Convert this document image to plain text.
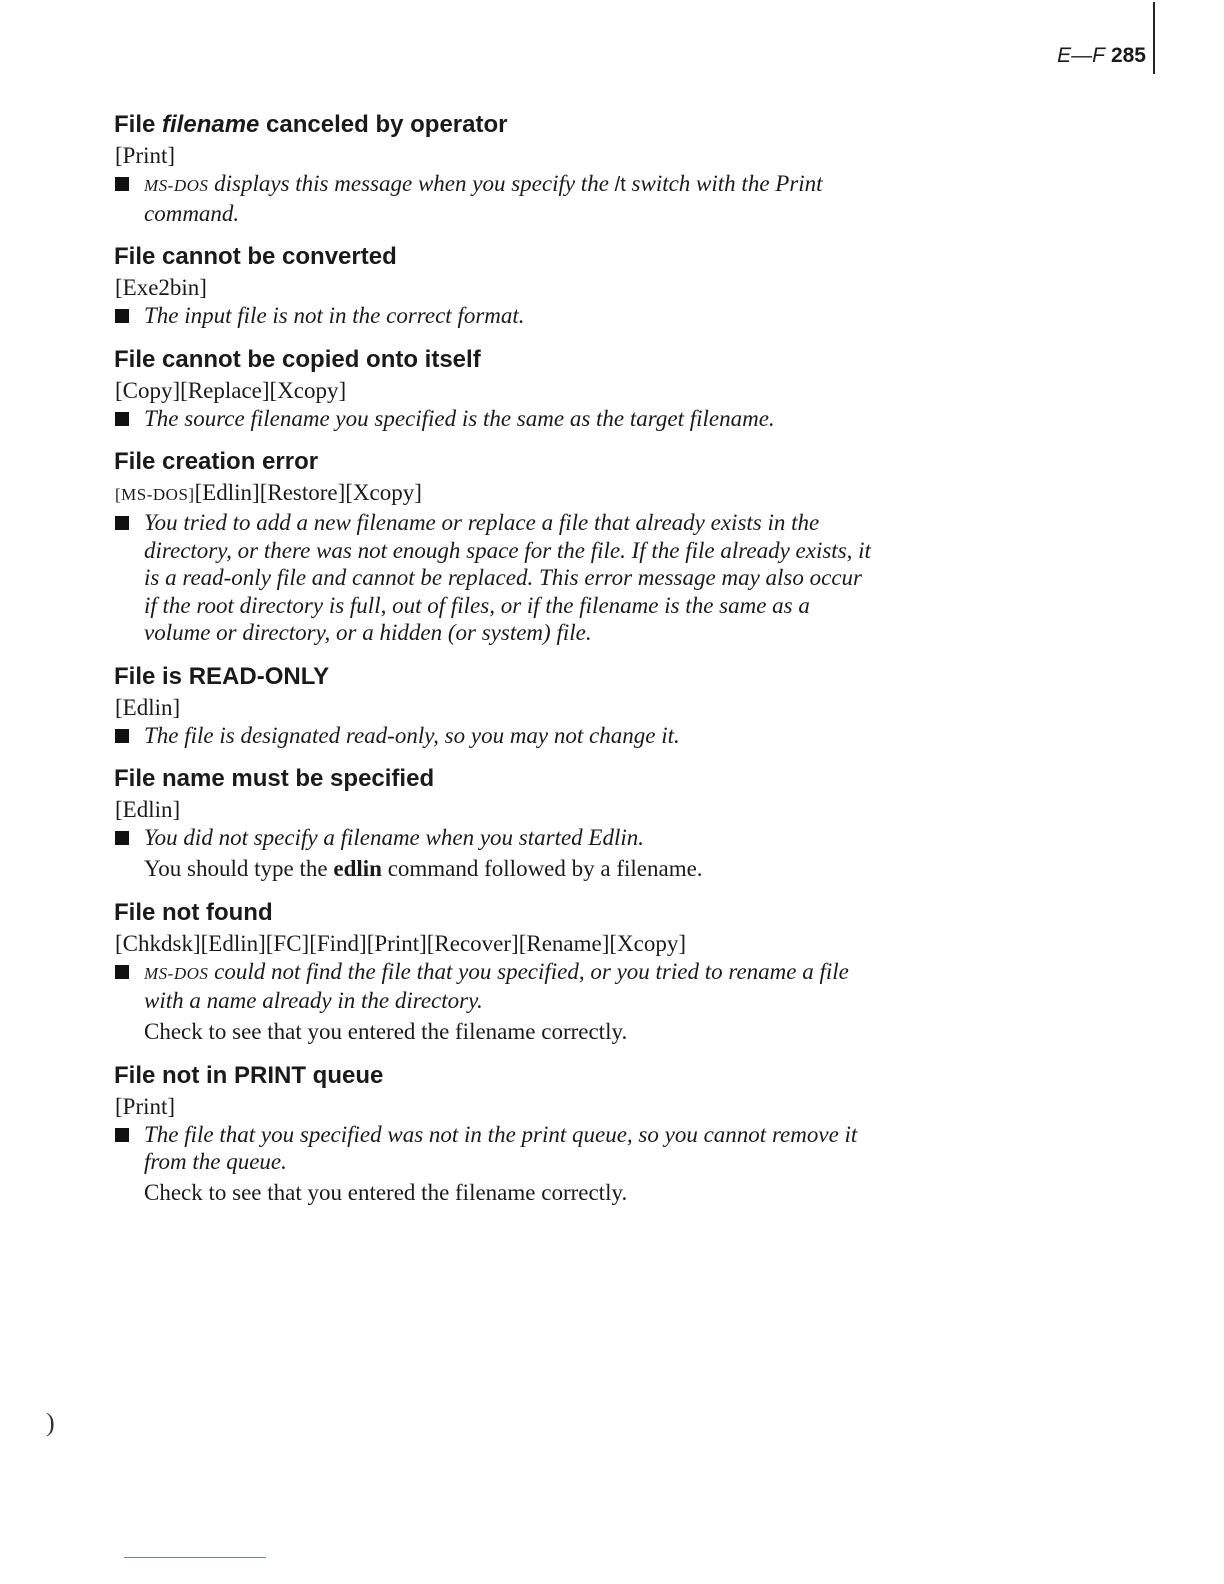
E—F 285
File filename canceled by operator
[Print]
MS-DOS displays this message when you specify the /t switch with the Print command.
File cannot be converted
[Exe2bin]
The input file is not in the correct format.
File cannot be copied onto itself
[Copy][Replace][Xcopy]
The source filename you specified is the same as the target filename.
File creation error
[MS-DOS][Edlin][Restore][Xcopy]
You tried to add a new filename or replace a file that already exists in the directory, or there was not enough space for the file. If the file already exists, it is a read-only file and cannot be replaced. This error message may also occur if the root directory is full, out of files, or if the filename is the same as a volume or directory, or a hidden (or system) file.
File is READ-ONLY
[Edlin]
The file is designated read-only, so you may not change it.
File name must be specified
[Edlin]
You did not specify a filename when you started Edlin.
You should type the edlin command followed by a filename.
File not found
[Chkdsk][Edlin][FC][Find][Print][Recover][Rename][Xcopy]
MS-DOS could not find the file that you specified, or you tried to rename a file with a name already in the directory.
Check to see that you entered the filename correctly.
File not in PRINT queue
[Print]
The file that you specified was not in the print queue, so you cannot remove it from the queue.
Check to see that you entered the filename correctly.
)
